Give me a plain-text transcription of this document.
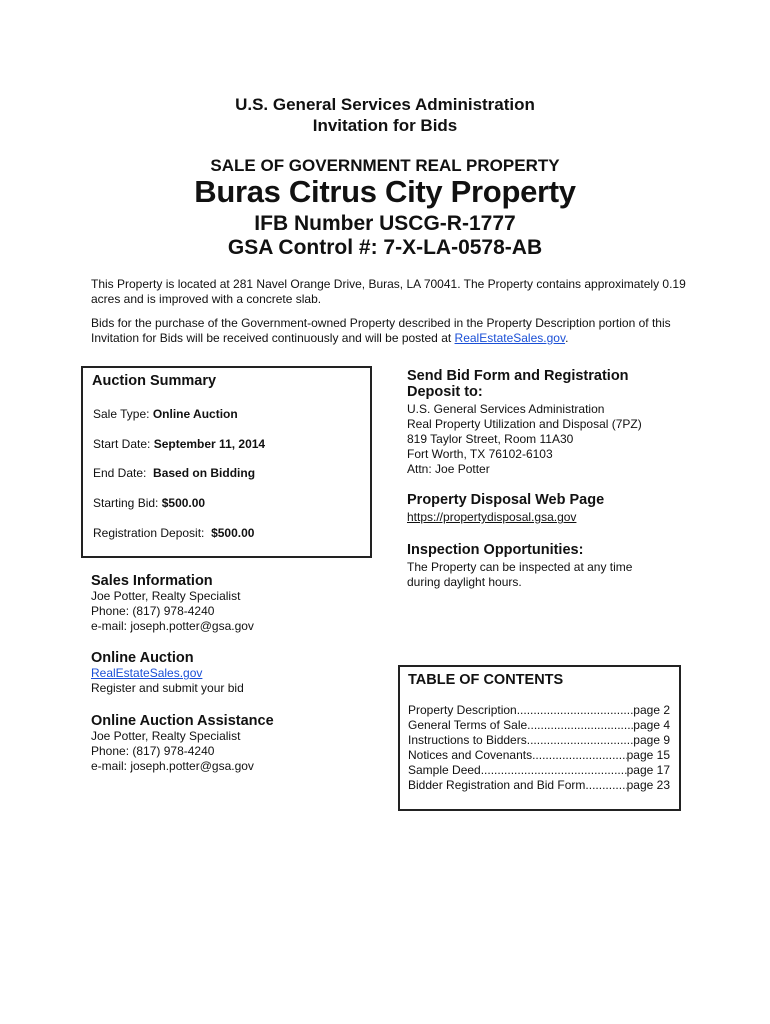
U.S. General Services Administration
Invitation for Bids
SALE OF GOVERNMENT REAL PROPERTY
Buras Citrus City Property
IFB Number USCG-R-1777
GSA Control #: 7-X-LA-0578-AB
This Property is located at 281 Navel Orange Drive, Buras, LA 70041. The Property contains approximately 0.19 acres and is improved with a concrete slab.
Bids for the purchase of the Government-owned Property described in the Property Description portion of this Invitation for Bids will be received continuously and will be posted at RealEstateSales.gov.
Auction Summary
Sale Type: Online Auction
Start Date: September 11, 2014
End Date: Based on Bidding
Starting Bid: $500.00
Registration Deposit: $500.00
Sales Information
Joe Potter, Realty Specialist
Phone: (817) 978-4240
e-mail: joseph.potter@gsa.gov
Online Auction
RealEstateSales.gov
Register and submit your bid
Online Auction Assistance
Joe Potter, Realty Specialist
Phone: (817) 978-4240
e-mail: joseph.potter@gsa.gov
Send Bid Form and Registration
Deposit to:
U.S. General Services Administration
Real Property Utilization and Disposal (7PZ)
819 Taylor Street, Room 11A30
Fort Worth, TX 76102-6103
Attn: Joe Potter
Property Disposal Web Page
https://propertydisposal.gsa.gov
Inspection Opportunities:
The Property can be inspected at any time
during daylight hours.
TABLE OF CONTENTS
Property Description .....	page 2
General Terms of Sale .....	page 4
Instructions to Bidders .....	page 9
Notices and Covenants .....	page 15
Sample Deed .....	page 17
Bidder Registration and Bid Form .....	page 23
